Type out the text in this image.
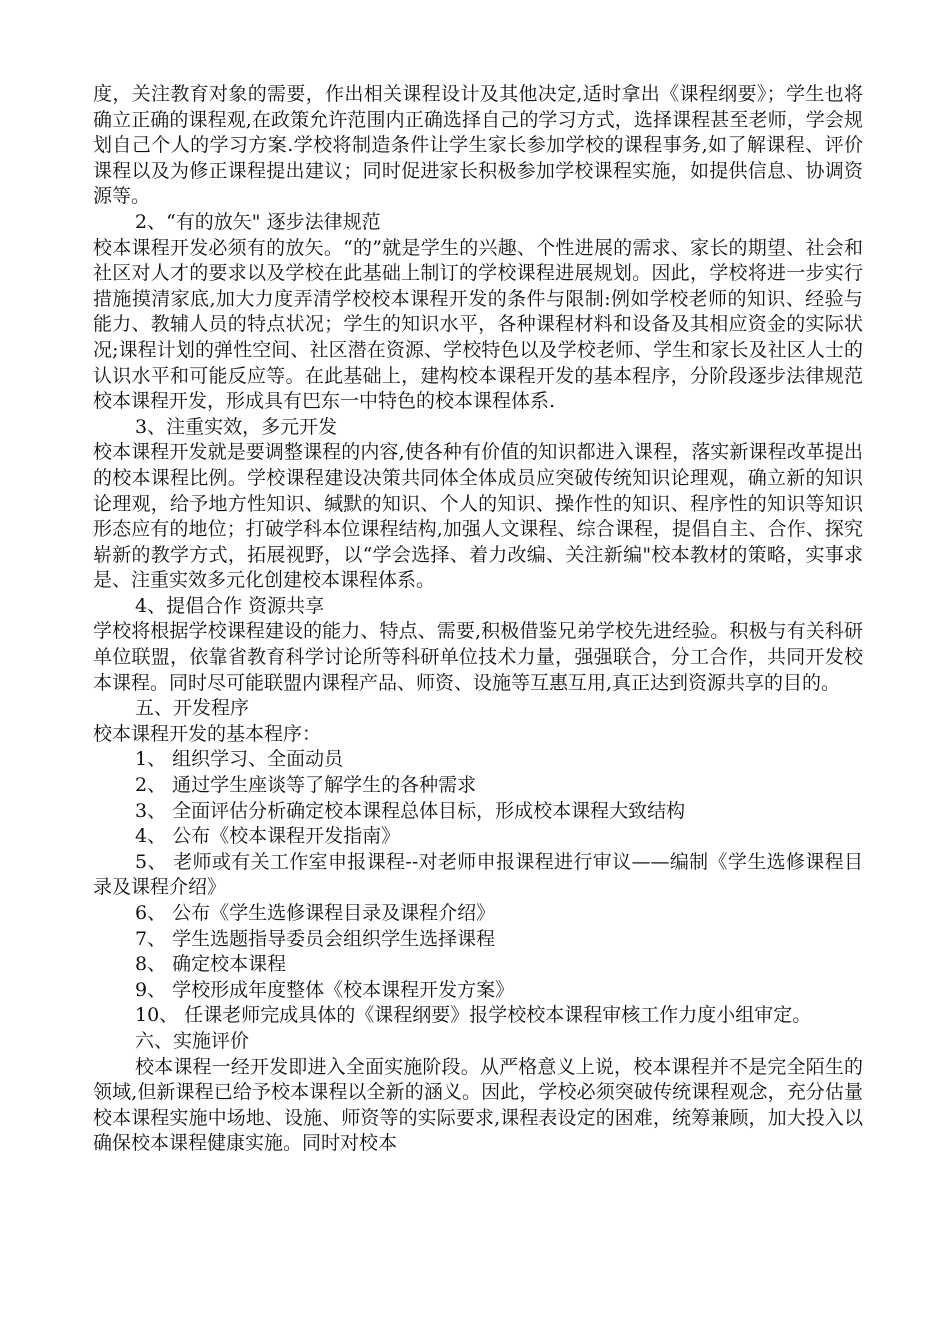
度，关注教育对象的需要，作出相关课程设计及其他决定,适时拿出《课程纲要》；学生也将确立正确的课程观,在政策允许范围内正确选择自己的学习方式，选择课程甚至老师，学会规划自己个人的学习方案.学校将制造条件让学生家长参加学校的课程事务,如了解课程、评价课程以及为修正课程提出建议；同时促进家长积极参加学校课程实施，如提供信息、协调资源等。

2、“有的放矢" 逐步法律规范

校本课程开发必须有的放矢。“的”就是学生的兴趣、个性进展的需求、家长的期望、社会和社区对人才的要求以及学校在此基础上制订的学校课程进展规划。因此，学校将进一步实行措施摸清家底,加大力度弄清学校校本课程开发的条件与限制:例如学校老师的知识、经验与能力、教辅人员的特点状况；学生的知识水平，各种课程材料和设备及其相应资金的实际状况;课程计划的弹性空间、社区潜在资源、学校特色以及学校老师、学生和家长及社区人士的认识水平和可能反应等。在此基础上，建构校本课程开发的基本程序，分阶段逐步法律规范校本课程开发，形成具有巴东一中特色的校本课程体系.

3、注重实效，多元开发

校本课程开发就是要调整课程的内容,使各种有价值的知识都进入课程，落实新课程改革提出的校本课程比例。学校课程建设决策共同体全体成员应突破传统知识论理观，确立新的知识论理观，给予地方性知识、缄默的知识、个人的知识、操作性的知识、程序性的知识等知识形态应有的地位；打破学科本位课程结构,加强人文课程、综合课程，提倡自主、合作、探究崭新的教学方式，拓展视野，以“学会选择、着力改编、关注新编"校本教材的策略，实事求是、注重实效多元化创建校本课程体系。

4、提倡合作 资源共享

学校将根据学校课程建设的能力、特点、需要,积极借鉴兄弟学校先进经验。积极与有关科研单位联盟，依靠省教育科学讨论所等科研单位技术力量，强强联合，分工合作，共同开发校本课程。同时尽可能联盟内课程产品、师资、设施等互惠互用,真正达到资源共享的目的。

五、开发程序

校本课程开发的基本程序：

1、 组织学习、全面动员

2、 通过学生座谈等了解学生的各种需求

3、 全面评估分析确定校本课程总体目标，形成校本课程大致结构

4、 公布《校本课程开发指南》

5、 老师或有关工作室申报课程--对老师申报课程进行审议——编制《学生选修课程目录及课程介绍》

6、 公布《学生选修课程目录及课程介绍》

7、 学生选题指导委员会组织学生选择课程

8、 确定校本课程

9、 学校形成年度整体《校本课程开发方案》

10、 任课老师完成具体的《课程纲要》报学校校本课程审核工作力度小组审定。

六、实施评价

校本课程一经开发即进入全面实施阶段。从严格意义上说，校本课程并不是完全陌生的领域,但新课程已给予校本课程以全新的涵义。因此，学校必须突破传统课程观念，充分估量校本课程实施中场地、设施、师资等的实际要求,课程表设定的困难，统筹兼顾，加大投入以确保校本课程健康实施。同时对校本
